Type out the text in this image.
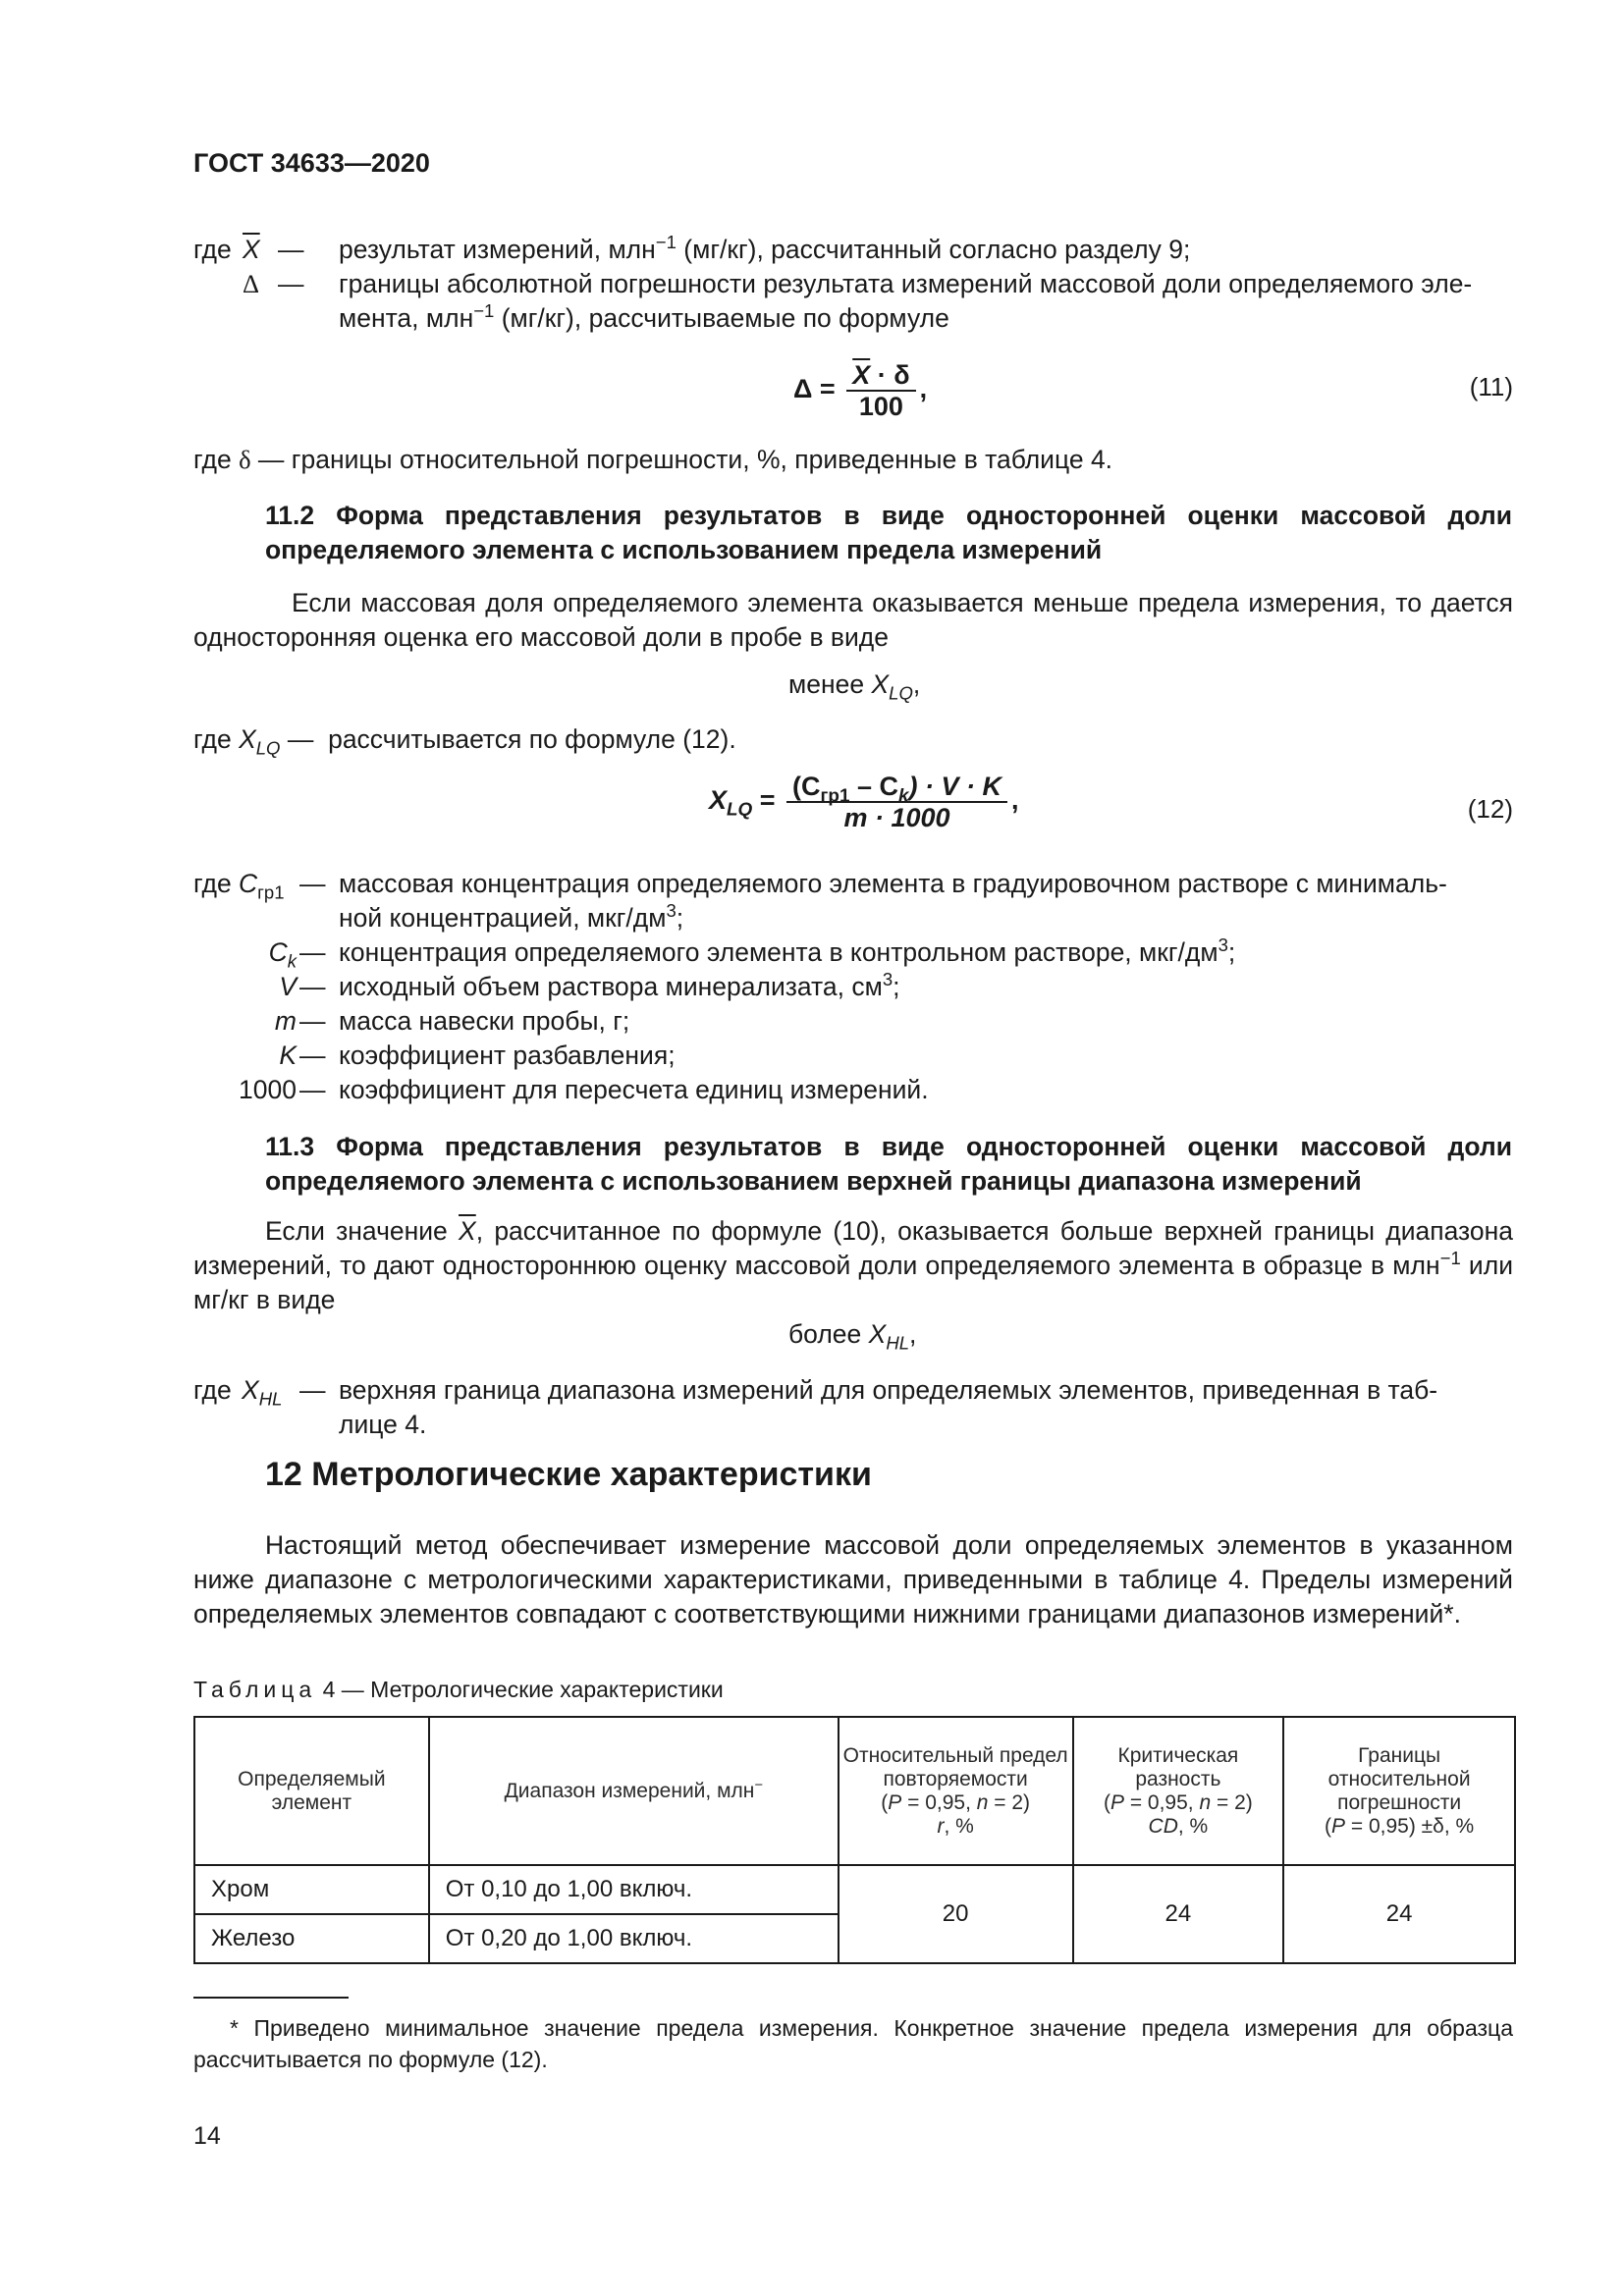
ГОСТ 34633—2020
где $\overline{X}$ — результат измерений, млн$^{-1}$ (мг/кг), рассчитанный согласно разделу 9;
Δ — границы абсолютной погрешности результата измерений массовой доли определяемого эле-
мента, млн$^{-1}$ (мг/кг), рассчитываемые по формуле
$\Delta = \frac{\overline{X} \cdot \delta}{100}$ ,	(11)
где δ — границы относительной погрешности, %, приведенные в таблице 4.
11.2 Форма представления результатов в виде односторонней оценки массовой доли определяемого элемента с использованием предела измерений
Если массовая доля определяемого элемента оказывается меньше предела измерения, то дается односторонняя оценка его массовой доли в пробе в виде
менее $X_{LQ}$,
где $X_{LQ}$ —  рассчитывается по формуле (12).
$X_{LQ} = \frac{(C_{гр1} - C_k) \cdot V \cdot K}{m \cdot 1000}$ ,	(12)
где $C_{гр1}$ — массовая концентрация определяемого элемента в градуировочном растворе с минималь-
ной концентрацией, мкг/$дм^3$;
$C_k$ — концентрация определяемого элемента в контрольном растворе, мкг/$дм^3$;
V — исходный объем раствора минерализата, $см^3$;
m — масса навески пробы, г;
K — коэффициент разбавления;
1000 — коэффициент для пересчета единиц измерений.
11.3 Форма представления результатов в виде односторонней оценки массовой доли определяемого элемента с использованием верхней границы диапазона измерений
Если значение $\overline{X}$, рассчитанное по формуле (10), оказывается больше верхней границы диапазона измерений, то дают одностороннюю оценку массовой доли определяемого элемента в образце в млн$^{-1}$ или мг/кг в виде
более $X_{HL}$,
где $X_{HL}$ — верхняя граница диапазона измерений для определяемых элементов, приведенная в таб-
лице 4.
12 Метрологические характеристики
Настоящий метод обеспечивает измерение массовой доли определяемых элементов в указанном ниже диапазоне с метрологическими характеристиками, приведенными в таблице 4. Пределы измерений определяемых элементов совпадают с соответствующими нижними границами диапазонов измерений*.
Таблица 4 — Метрологические характеристики
Определяемый элемент	Диапазон измерений, млн−	Относительный предел повторяемости
(P = 0,95, n = 2)
r, %	Критическая разность
(P = 0,95, n = 2)
CD, %	Границы относительной погрешности
(P = 0,95) ±δ, %
Хром	От 0,10 до 1,00 включ.	20	24	24
Железо	От 0,20 до 1,00 включ.			
* Приведено минимальное значение предела измерения. Конкретное значение предела измерения для образца рассчитывается по формуле (12).
14
